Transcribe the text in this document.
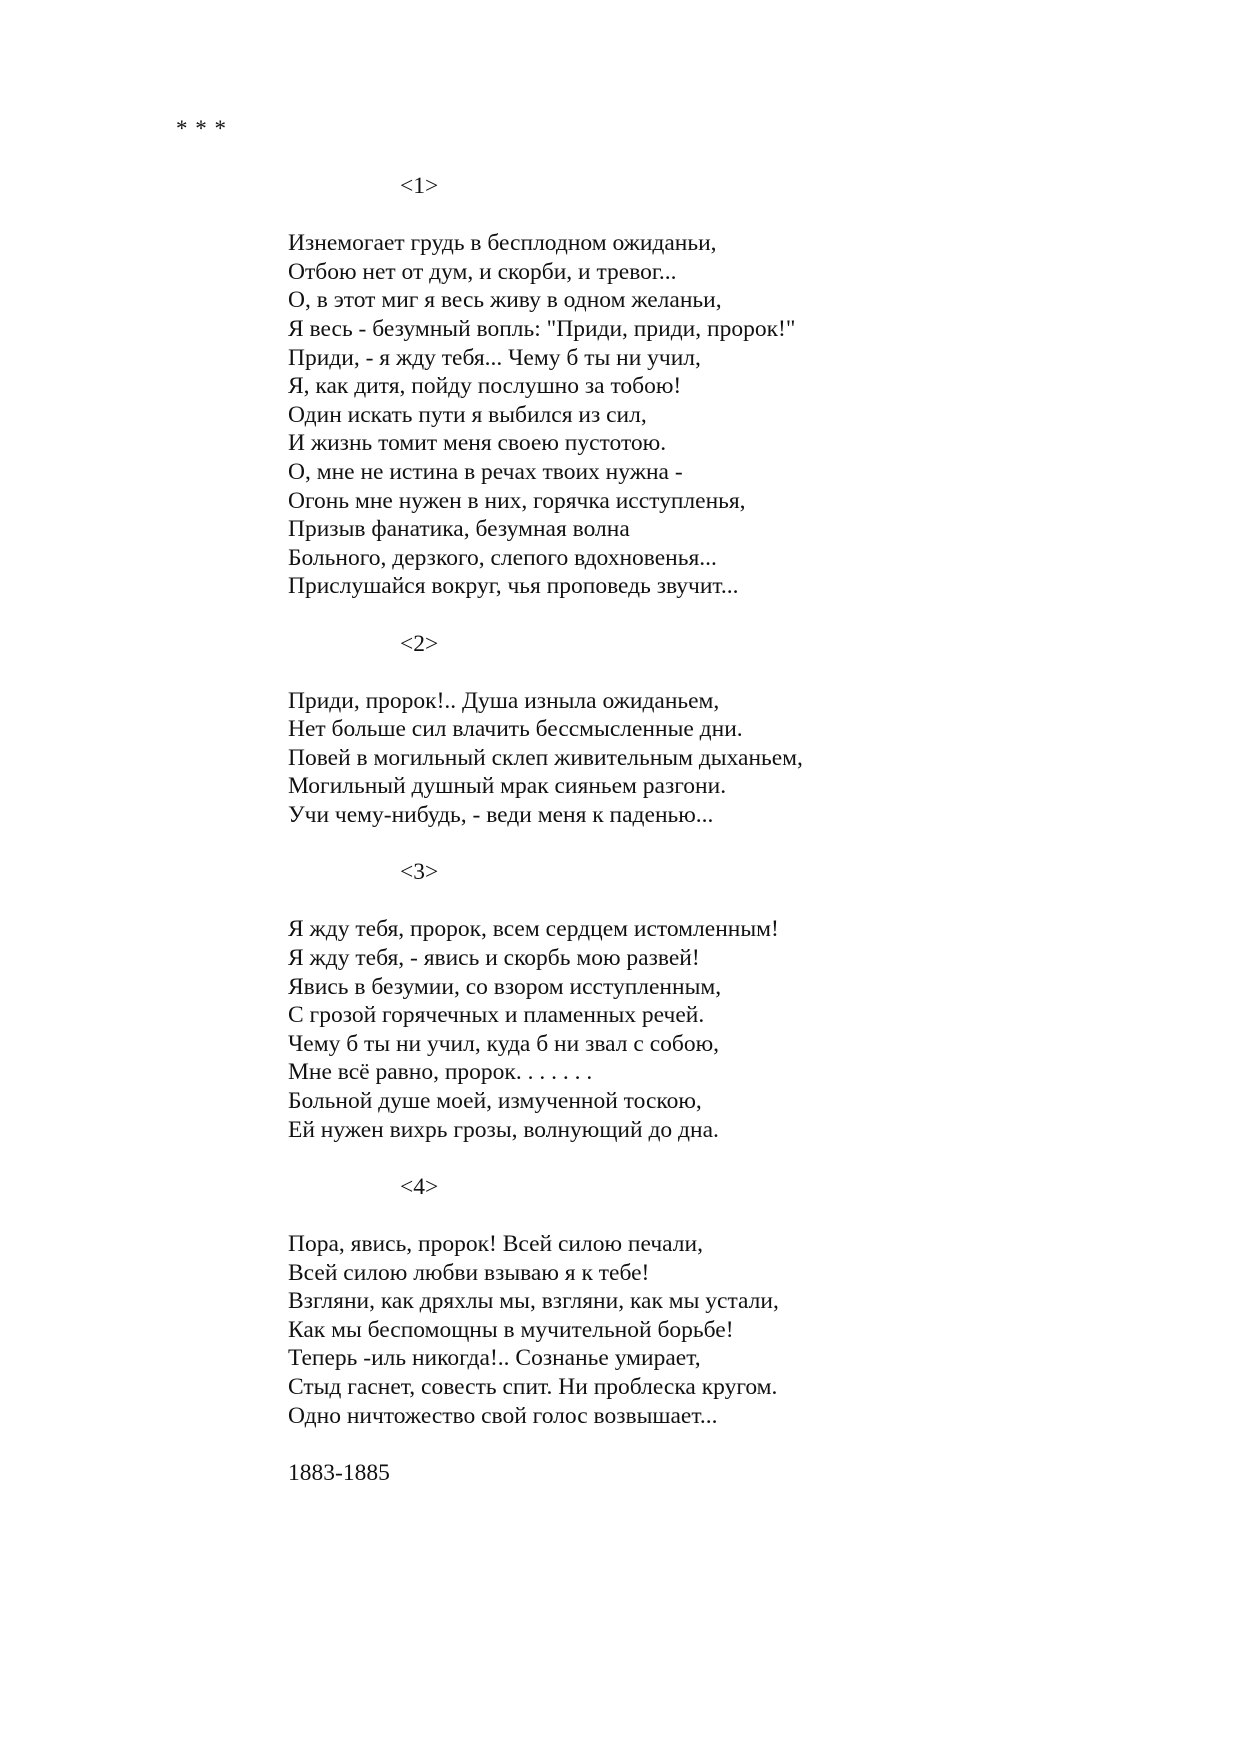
* * *
<1>
Изнемогает грудь в бесплодном ожиданьи,
Отбою нет от дум, и скорби, и тревог...
О, в этот миг я весь живу в одном желаньи,
Я весь - безумный вопль: "Приди, приди, пророк!"
Приди, - я жду тебя... Чему б ты ни учил,
Я, как дитя, пойду послушно за тобою!
Один искать пути я выбился из сил,
И жизнь томит меня своею пустотою.
О, мне не истина в речах твоих нужна -
Огонь мне нужен в них, горячка исступленья,
Призыв фанатика, безумная волна
Больного, дерзкого, слепого вдохновенья...
Прислушайся вокруг, чья проповедь звучит...
<2>
Приди, пророк!.. Душа изныла ожиданьем,
Нет больше сил влачить бессмысленные дни.
Повей в могильный склеп живительным дыханьем,
Могильный душный мрак сияньем разгони.
Учи чему-нибудь, - веди меня к паденью...
<3>
Я жду тебя, пророк, всем сердцем истомленным!
Я жду тебя, - явись и скорбь мою развей!
Явись в безумии, со взором исступленным,
С грозой горячечных и пламенных речей.
Чему б ты ни учил, куда б ни звал с собою,
Мне всё равно, пророк. . . . . . .
Больной душе моей, измученной тоскою,
Ей нужен вихрь грозы, волнующий до дна.
<4>
Пора, явись, пророк! Всей силою печали,
Всей силою любви взываю я к тебе!
Взгляни, как дряхлы мы, взгляни, как мы устали,
Как мы беспомощны в мучительной борьбе!
Теперь -иль никогда!.. Сознанье умирает,
Стыд гаснет, совесть спит. Ни проблеска кругом.
Одно ничтожество свой голос возвышает...
1883-1885
